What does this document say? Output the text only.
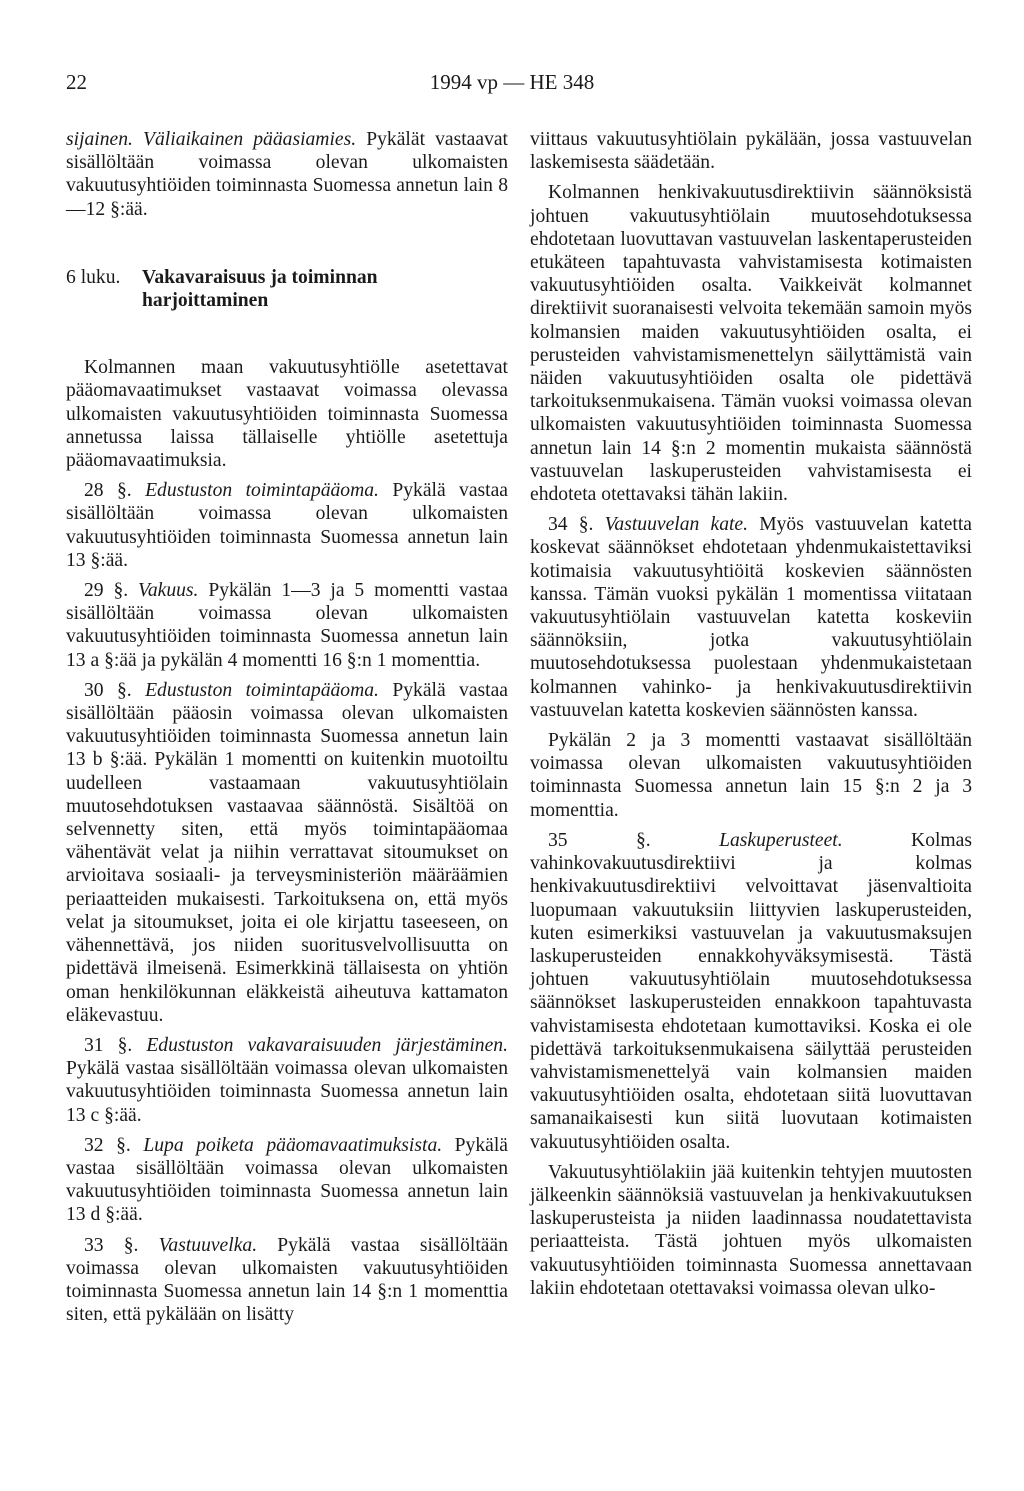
22	1994 vp — HE 348

sijainen. Väliaikainen pääasiamies. Pykälät vastaavat sisällöltään voimassa olevan ulkomaisten vakuutusyhtiöiden toiminnasta Suomessa annetun lain 8—12 §:ää.

6 luku.	Vakavaraisuus ja toiminnan
harjoittaminen

Kolmannen maan vakuutusyhtiölle asetettavat pääomavaatimukset vastaavat voimassa olevassa ulkomaisten vakuutusyhtiöiden toiminnasta Suomessa annetussa laissa tällaiselle yhtiölle asetettuja pääomavaatimuksia.

28 §. Edustuston toimintapääoma. Pykälä vastaa sisällöltään voimassa olevan ulkomaisten vakuutusyhtiöiden toiminnasta Suomessa annetun lain 13 §:ää.

29 §. Vakuus. Pykälän 1—3 ja 5 momentti vastaa sisällöltään voimassa olevan ulkomaisten vakuutusyhtiöiden toiminnasta Suomessa annetun lain 13 a §:ää ja pykälän 4 momentti 16 §:n 1 momenttia.

30 §. Edustuston toimintapääoma. Pykälä vastaa sisällöltään pääosin voimassa olevan ulkomaisten vakuutusyhtiöiden toiminnasta Suomessa annetun lain 13 b §:ää. Pykälän 1 momentti on kuitenkin muotoiltu uudelleen vastaamaan vakuutusyhtiölain muutosehdotuksen vastaavaa säännöstä. Sisältöä on selvennetty siten, että myös toimintapääomaa vähentävät velat ja niihin verrattavat sitoumukset on arvioitava sosiaali- ja terveysministeriön määräämien periaatteiden mukaisesti. Tarkoituksena on, että myös velat ja sitoumukset, joita ei ole kirjattu taseeseen, on vähennettävä, jos niiden suoritusvelvollisuutta on pidettävä ilmeisenä. Esimerkkinä tällaisesta on yhtiön oman henkilökunnan eläkkeistä aiheutuva kattamaton eläkevastuu.

31 §. Edustuston vakavaraisuuden järjestäminen. Pykälä vastaa sisällöltään voimassa olevan ulkomaisten vakuutusyhtiöiden toiminnasta Suomessa annetun lain 13 c §:ää.

32 §. Lupa poiketa pääomavaatimuksista. Pykälä vastaa sisällöltään voimassa olevan ulkomaisten vakuutusyhtiöiden toiminnasta Suomessa annetun lain 13 d §:ää.

33 §. Vastuuvelka. Pykälä vastaa sisällöltään voimassa olevan ulkomaisten vakuutusyhtiöiden toiminnasta Suomessa annetun lain 14 §:n 1 momenttia siten, että pykälään on lisätty

viittaus vakuutusyhtiölain pykälään, jossa vastuuvelan laskemisesta säädetään.

Kolmannen henkivakuutusdirektiivin säännöksistä johtuen vakuutusyhtiölain muutosehdotuksessa ehdotetaan luovuttavan vastuuvelan laskentaperusteiden etukäteen tapahtuvasta vahvistamisesta kotimaisten vakuutusyhtiöiden osalta. Vaikkeivät kolmannet direktiivit suoranaisesti velvoita tekemään samoin myös kolmansien maiden vakuutusyhtiöiden osalta, ei perusteiden vahvistamismenettelyn säilyttämistä vain näiden vakuutusyhtiöiden osalta ole pidettävä tarkoituksenmukaisena. Tämän vuoksi voimassa olevan ulkomaisten vakuutusyhtiöiden toiminnasta Suomessa annetun lain 14 §:n 2 momentin mukaista säännöstä vastuuvelan laskuperusteiden vahvistamisesta ei ehdoteta otettavaksi tähän lakiin.

34 §. Vastuuvelan kate. Myös vastuuvelan katetta koskevat säännökset ehdotetaan yhdenmukaistettaviksi kotimaisia vakuutusyhtiöitä koskevien säännösten kanssa. Tämän vuoksi pykälän 1 momentissa viitataan vakuutusyhtiölain vastuuvelan katetta koskeviin säännöksiin, jotka vakuutusyhtiölain muutosehdotuksessa puolestaan yhdenmukaistetaan kolmannen vahinko- ja henkivakuutusdirektiivin vastuuvelan katetta koskevien säännösten kanssa.

Pykälän 2 ja 3 momentti vastaavat sisällöltään voimassa olevan ulkomaisten vakuutusyhtiöiden toiminnasta Suomessa annetun lain 15 §:n 2 ja 3 momenttia.

35 §.	Laskuperusteet. Kolmas vahinkovakuutusdirektiivi ja kolmas henkivakuutusdirektiivi velvoittavat jäsenvaltioita luopumaan vakuutuksiin liittyvien laskuperusteiden, kuten esimerkiksi vastuuvelan ja vakuutusmaksujen laskuperusteiden ennakkohyväksymisestä. Tästä johtuen vakuutusyhtiölain muutosehdotuksessa säännökset laskuperusteiden ennakkoon tapahtuvasta vahvistamisesta ehdotetaan kumottaviksi. Koska ei ole pidettävä tarkoituksenmukaisena säilyttää perusteiden vahvistamismenettelyä vain kolmansien maiden vakuutusyhtiöiden osalta, ehdotetaan siitä luovuttavan samanaikaisesti kun siitä luovutaan kotimaisten vakuutusyhtiöiden osalta.

Vakuutusyhtiölakiin jää kuitenkin tehtyjen muutosten jälkeenkin säännöksiä vastuuvelan ja henkivakuutuksen laskuperusteista ja niiden laadinnassa noudatettavista periaatteista. Tästä johtuen myös ulkomaisten vakuutusyhtiöiden toiminnasta Suomessa annettavaan lakiin ehdotetaan otettavaksi voimassa olevan ulko-
